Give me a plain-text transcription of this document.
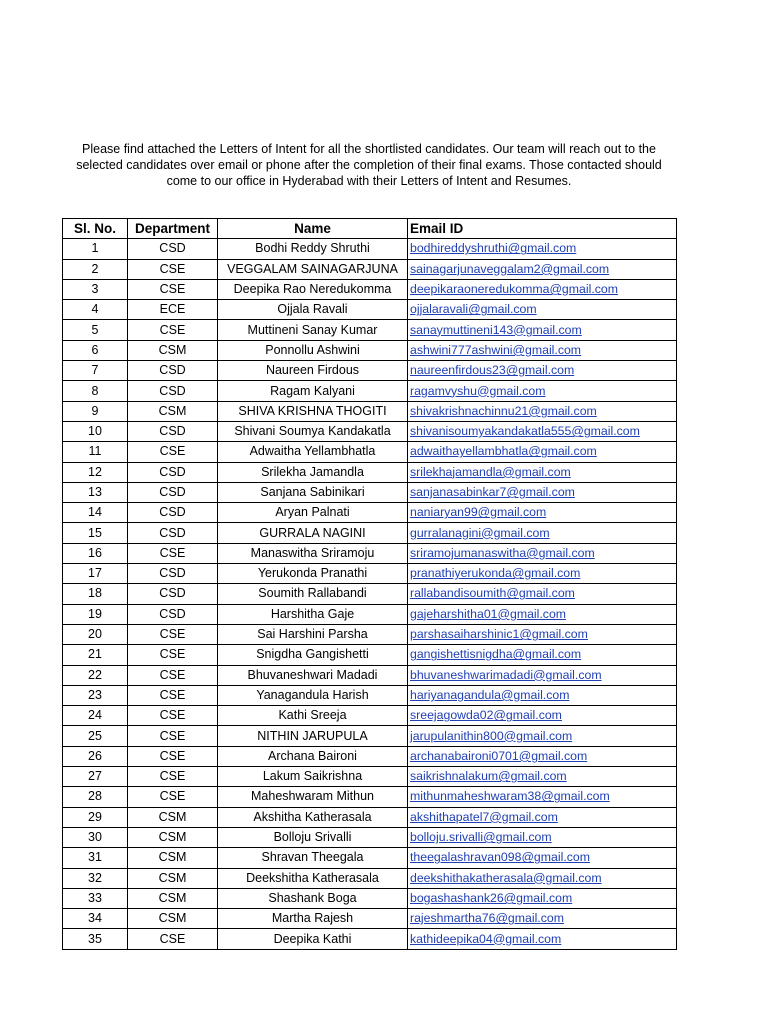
Please find attached the Letters of Intent for all the shortlisted candidates. Our team will reach out to the selected candidates over email or phone after the completion of their final exams. Those contacted should come to our office in Hyderabad with their Letters of Intent and Resumes.

Sl. No.	Department	Name	Email ID
1	CSD	Bodhi Reddy Shruthi	bodhireddyshruthi@gmail.com
2	CSE	VEGGALAM SAINAGARJUNA	sainagarjunaveggalam2@gmail.com
3	CSE	Deepika Rao Neredukomma	deepikaraoneredukomma@gmail.com
4	ECE	Ojjala Ravali	ojjalaravali@gmail.com
5	CSE	Muttineni Sanay Kumar	sanaymuttineni143@gmail.com
6	CSM	Ponnollu Ashwini	ashwini777ashwini@gmail.com
7	CSD	Naureen Firdous	naureenfirdous23@gmail.com
8	CSD	Ragam Kalyani	ragamvyshu@gmail.com
9	CSM	SHIVA KRISHNA THOGITI	shivakrishnachinnu21@gmail.com
10	CSD	Shivani Soumya Kandakatla	shivanisoumyakandakatla555@gmail.com
11	CSE	Adwaitha Yellambhatla	adwaithayellambhatla@gmail.com
12	CSD	Srilekha Jamandla	srilekhajamandla@gmail.com
13	CSD	Sanjana Sabinikari	sanjanasabinkar7@gmail.com
14	CSD	Aryan Palnati	naniaryan99@gmail.com
15	CSD	GURRALA NAGINI	gurralanagini@gmail.com
16	CSE	Manaswitha Sriramoju	sriramojumanaswitha@gmail.com
17	CSD	Yerukonda Pranathi	pranathiyerukonda@gmail.com
18	CSD	Soumith Rallabandi	rallabandisoumith@gmail.com
19	CSD	Harshitha Gaje	gajeharshitha01@gmail.com
20	CSE	Sai Harshini Parsha	parshasaiharshinic1@gmail.com
21	CSE	Snigdha Gangishetti	gangishettisnigdha@gmail.com
22	CSE	Bhuvaneshwari Madadi	bhuvaneshwarimadadi@gmail.com
23	CSE	Yanagandula Harish	hariyanagandula@gmail.com
24	CSE	Kathi Sreeja	sreejagowda02@gmail.com
25	CSE	NITHIN JARUPULA	jarupulanithin800@gmail.com
26	CSE	Archana Baironi	archanabaironi0701@gmail.com
27	CSE	Lakum Saikrishna	saikrishnalakum@gmail.com
28	CSE	Maheshwaram Mithun	mithunmaheshwaram38@gmail.com
29	CSM	Akshitha Katherasala	akshithapatel7@gmail.com
30	CSM	Bolloju Srivalli	bolloju.srivalli@gmail.com
31	CSM	Shravan Theegala	theegalashravan098@gmail.com
32	CSM	Deekshitha Katherasala	deekshithakatherasala@gmail.com
33	CSM	Shashank Boga	bogashashank26@gmail.com
34	CSM	Martha Rajesh	rajeshmartha76@gmail.com
35	CSE	Deepika Kathi	kathideepika04@gmail.com
